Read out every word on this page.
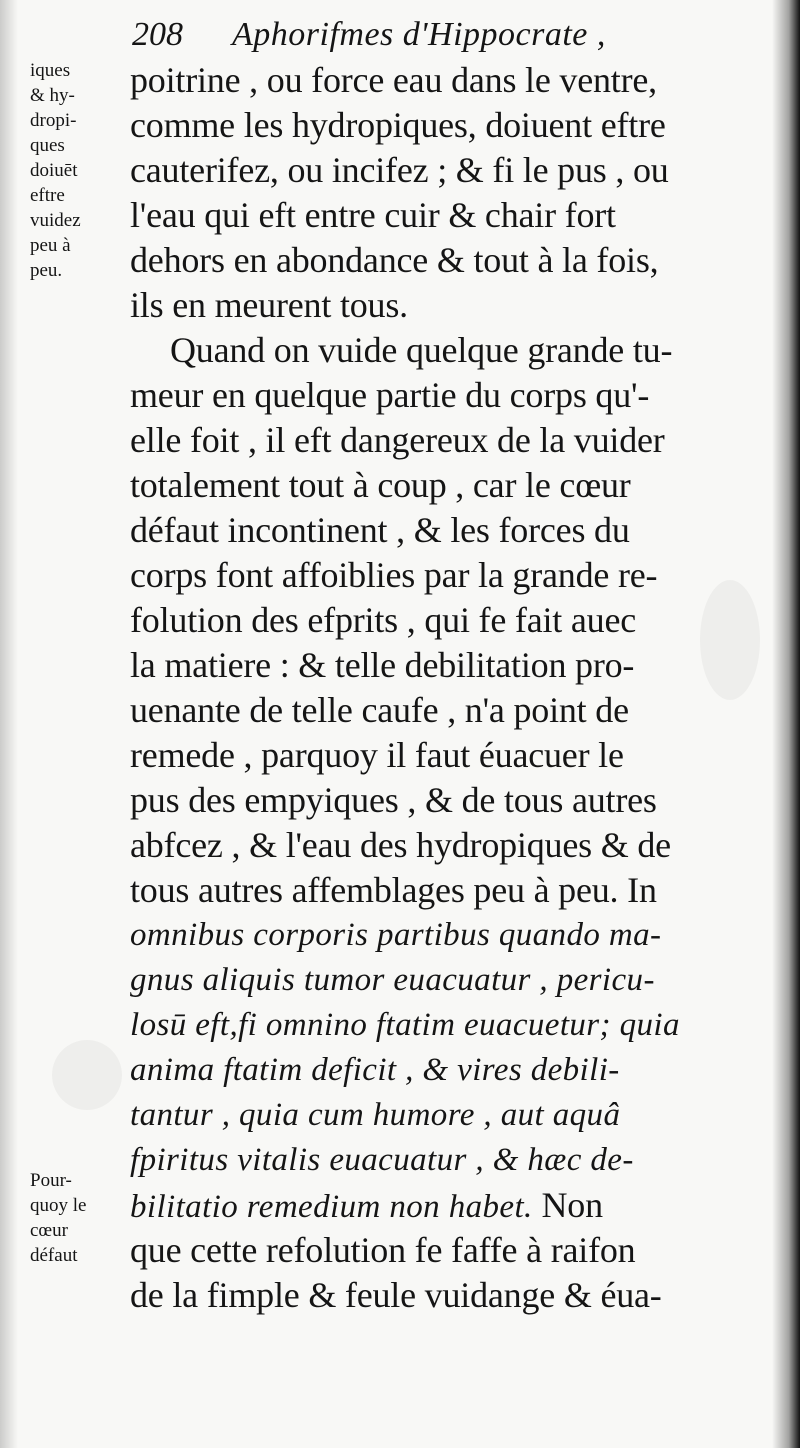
208 Aphorifmes d'Hippocrate ,
iques
& hy-
dropi-
ques
doiuēt
eftre
vuidez
peu à
peu.
Pour-
quoy le
cœur
défaut
poitrine , ou force eau dans le ventre,
comme les hydropiques, doiuent eftre
cauterifez, ou incifez ; & fi le pus , ou
l'eau qui eft entre cuir & chair fort
dehors en abondance & tout à la fois,
ils en meurent tous.
Quand on vuide quelque grande tu-
meur en quelque partie du corps qu'-
elle foit , il eft dangereux de la vuider
totalement tout à coup , car le cœur
défaut incontinent , & les forces du
corps font affoiblies par la grande re-
folution des efprits , qui fe fait auec
la matiere : & telle debilitation pro-
uenante de telle caufe , n'a point de
remede , parquoy il faut éuacuer le
pus des empyiques , & de tous autres
abfcez , & l'eau des hydropiques & de
tous autres affemblages peu à peu. In
omnibus corporis partibus quando ma-
gnus aliquis tumor euacuatur , pericu-
losū eft,fi omnino ftatim euacuetur; quia
anima ftatim deficit , & vires debili-
tantur , quia cum humore , aut aquâ
fpiritus vitalis euacuatur , & hæc de-
bilitatio remedium non habet. Non
que cette refolution fe faffe à raifon
de la fimple & feule vuidange & éua-
